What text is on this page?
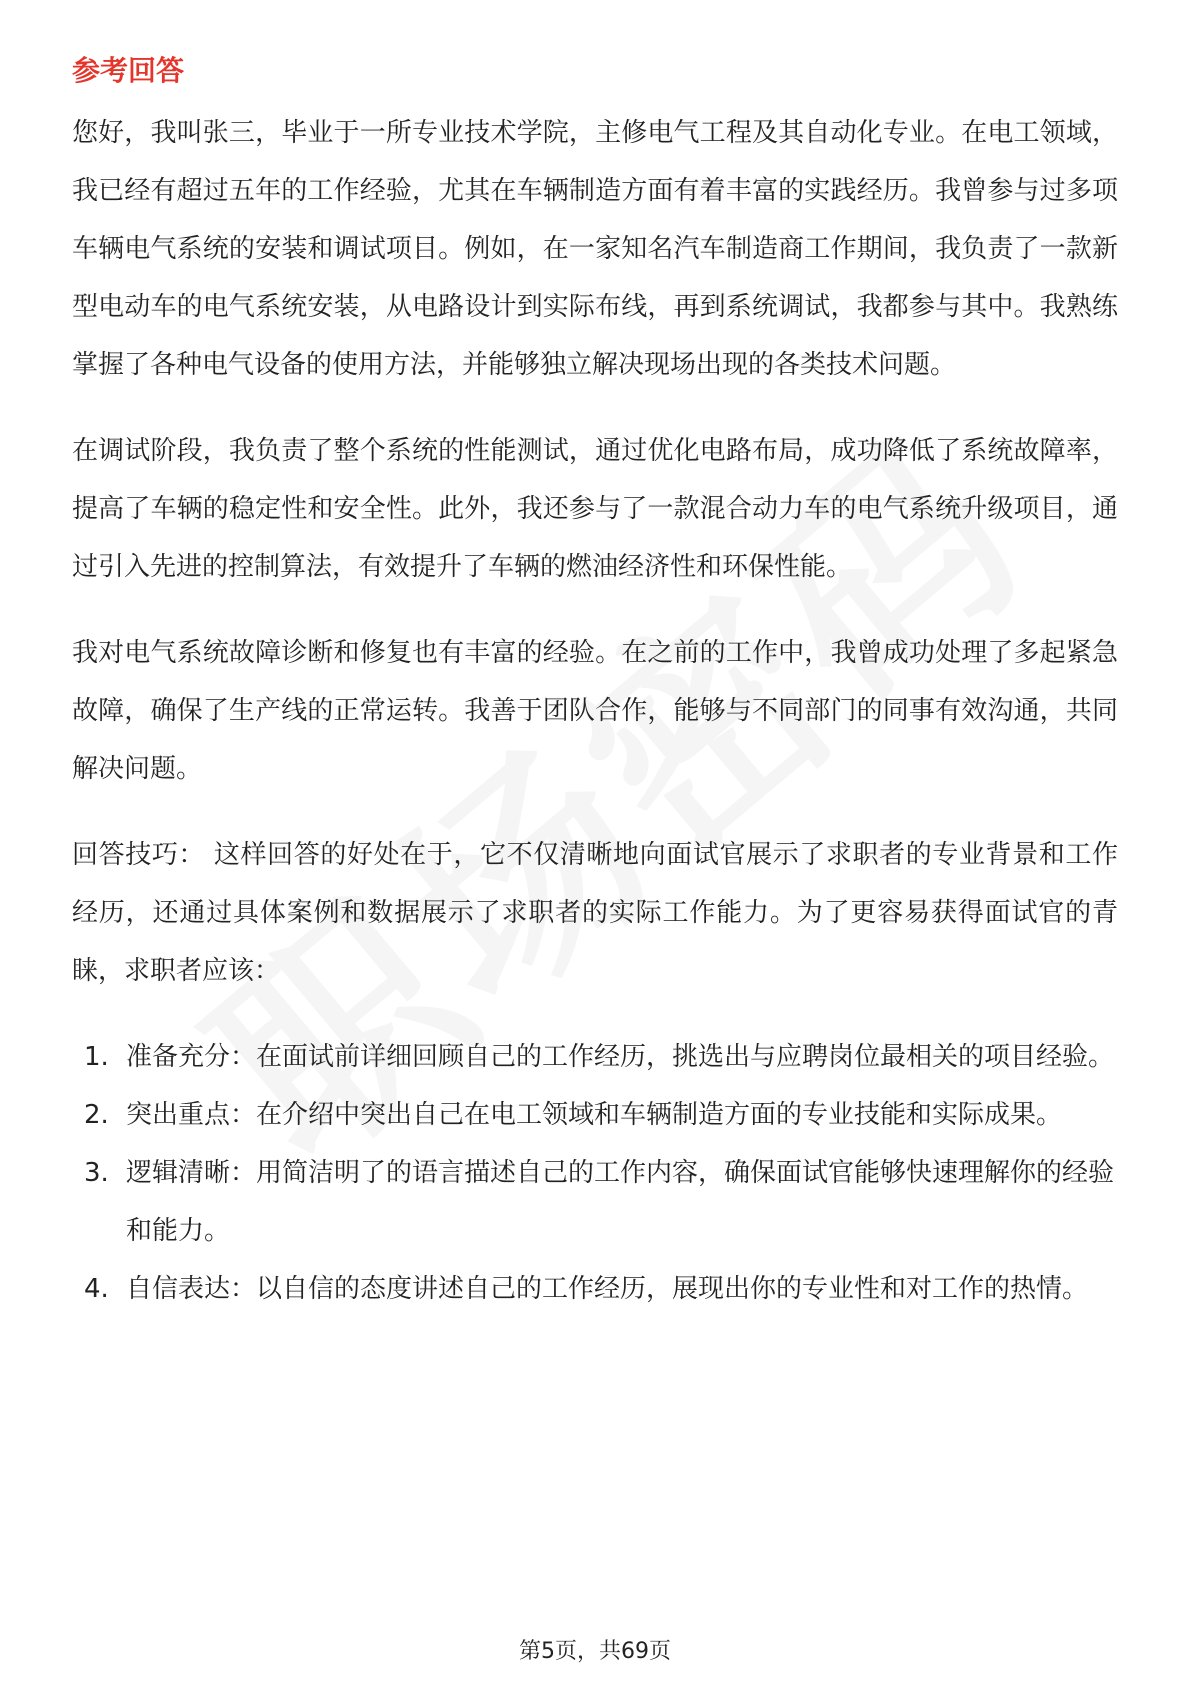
参考回答

您好，我叫张三，毕业于一所专业技术学院，主修电气工程及其自动化专业。在电工领域，我已经有超过五年的工作经验，尤其在车辆制造方面有着丰富的实践经历。我曾参与过多项车辆电气系统的安装和调试项目。例如，在一家知名汽车制造商工作期间，我负责了一款新型电动车的电气系统安装，从电路设计到实际布线，再到系统调试，我都参与其中。我熟练掌握了各种电气设备的使用方法，并能够独立解决现场出现的各类技术问题。

在调试阶段，我负责了整个系统的性能测试，通过优化电路布局，成功降低了系统故障率，提高了车辆的稳定性和安全性。此外，我还参与了一款混合动力车的电气系统升级项目，通过引入先进的控制算法，有效提升了车辆的燃油经济性和环保性能。

我对电气系统故障诊断和修复也有丰富的经验。在之前的工作中，我曾成功处理了多起紧急故障，确保了生产线的正常运转。我善于团队合作，能够与不同部门的同事有效沟通，共同解决问题。

回答技巧： 这样回答的好处在于，它不仅清晰地向面试官展示了求职者的专业背景和工作经历，还通过具体案例和数据展示了求职者的实际工作能力。为了更容易获得面试官的青睐，求职者应该：

1. 准备充分：在面试前详细回顾自己的工作经历，挑选出与应聘岗位最相关的项目经验。
2. 突出重点：在介绍中突出自己在电工领域和车辆制造方面的专业技能和实际成果。
3. 逻辑清晰：用简洁明了的语言描述自己的工作内容，确保面试官能够快速理解你的经验和能力。
4. 自信表达：以自信的态度讲述自己的工作经历，展现出你的专业性和对工作的热情。
第5页，共69页
